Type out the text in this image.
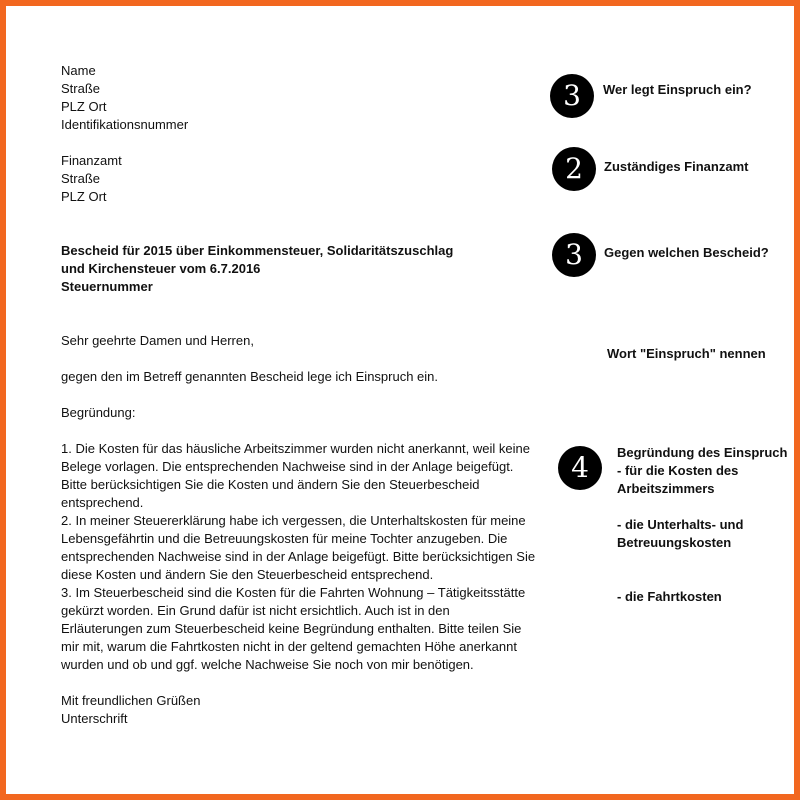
Name
Straße
PLZ Ort
Identifikationsnummer
Finanzamt
Straße
PLZ Ort
Bescheid für 2015 über Einkommensteuer, Solidaritätszuschlag
und Kirchensteuer vom 6.7.2016
Steuernummer
Sehr geehrte Damen und Herren,
gegen den im Betreff genannten Bescheid lege ich Einspruch ein.
Begründung:
1. Die Kosten für das häusliche Arbeitszimmer wurden nicht anerkannt, weil keine
Belege vorlagen. Die entsprechenden Nachweise sind in der Anlage beigefügt.
Bitte berücksichtigen Sie die Kosten und ändern Sie den Steuerbescheid
entsprechend.
2. In meiner Steuererklärung habe ich vergessen, die Unterhaltskosten für meine
Lebensgefährtin und die Betreuungskosten für meine Tochter anzugeben. Die
entsprechenden Nachweise sind in der Anlage beigefügt. Bitte berücksichtigen Sie
diese Kosten und ändern Sie den Steuerbescheid entsprechend.
3. Im Steuerbescheid sind die Kosten für die Fahrten Wohnung – Tätigkeitsstätte
gekürzt worden. Ein Grund dafür ist nicht ersichtlich. Auch ist in den
Erläuterungen zum Steuerbescheid keine Begründung enthalten. Bitte teilen Sie
mir mit, warum die Fahrtkosten nicht in der geltend gemachten Höhe anerkannt
wurden und ob und ggf. welche Nachweise Sie noch von mir benötigen.
Mit freundlichen Grüßen
Unterschrift
3	Wer legt Einspruch ein?
2	Zuständiges Finanzamt
3	Gegen welchen Bescheid?
Wort "Einspruch" nennen
4	Begründung des Einspruch
- für die Kosten des
Arbeitszimmers
- die Unterhalts- und
Betreuungskosten
- die Fahrtkosten
